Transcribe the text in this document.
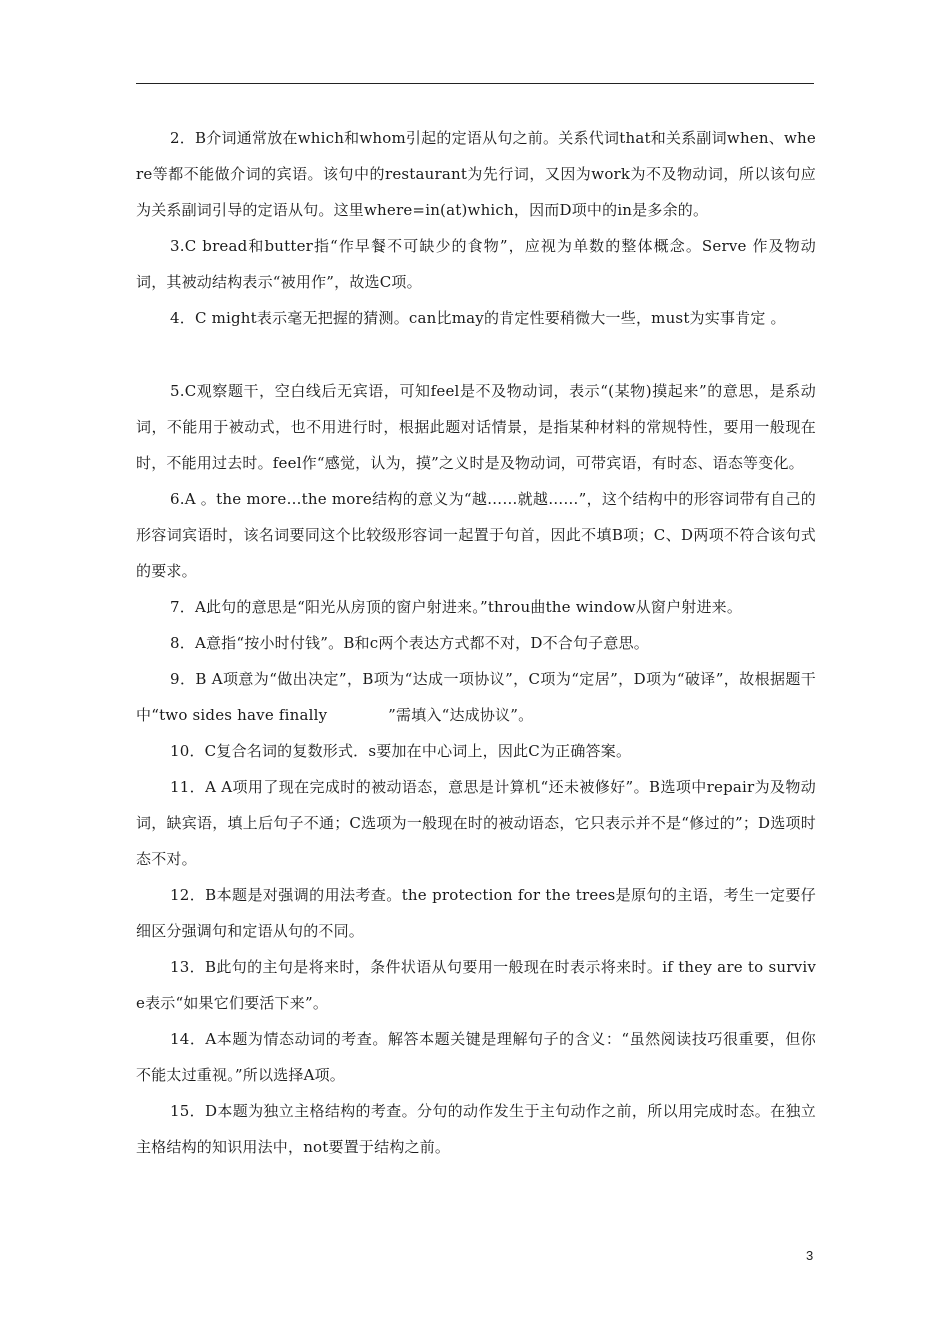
2．B介词通常放在which和whom引起的定语从句之前。关系代词that和关系副词when、where等都不能做介词的宾语。该句中的restaurant为先行词，又因为work为不及物动词，所以该句应为关系副词引导的定语从句。这里where=in(at)which，因而D项中的in是多余的。

3.C bread和butter指“作早餐不可缺少的食物”，应视为单数的整体概念。Serve 作及物动词，其被动结构表示“被用作”，故选C项。

4．C might表示毫无把握的猜测。can比may的肯定性要稍微大一些，must为实事肯定 。

5.C观察题干，空白线后无宾语，可知feel是不及物动词，表示“(某物)摸起来”的意思，是系动词，不能用于被动式，也不用进行时，根据此题对话情景，是指某种材料的常规特性，要用一般现在时，不能用过去时。feel作“感觉，认为，摸”之义时是及物动词，可带宾语，有时态、语态等变化。

6.A 。the more…the more结构的意义为“越……就越……”，这个结构中的形容词带有自己的形容词宾语时，该名词要同这个比较级形容词一起置于句首，因此不填B项；C、D两项不符合该句式的要求。

7．A此句的意思是“阳光从房顶的窗户射进来。”throu曲the window从窗户射进来。

8．A意指“按小时付钱”。B和c两个表达方式都不对，D不合句子意思。

9．B A项意为“做出决定”，B项为“达成一项协议”，C项为“定居”，D项为“破译”，故根据题干中“two sides have finally　　　　”需填入“达成协议”。

10．C复合名词的复数形式．s要加在中心词上，因此C为正确答案。

11．A A项用了现在完成时的被动语态，意思是计算机“还未被修好”。B选项中repair为及物动词，缺宾语，填上后句子不通；C选项为一般现在时的被动语态，它只表示并不是“修过的”；D选项时态不对。

12．B本题是对强调的用法考查。the protection for the trees是原句的主语，考生一定要仔细区分强调句和定语从句的不同。

13．B此句的主句是将来时，条件状语从句要用一般现在时表示将来时。if they are to survive表示“如果它们要活下来”。

14．A本题为情态动词的考查。解答本题关键是理解句子的含义：“虽然阅读技巧很重要，但你不能太过重视。”所以选择A项。

15．D本题为独立主格结构的考查。分句的动作发生于主句动作之前，所以用完成时态。在独立主格结构的知识用法中，not要置于结构之前。

3
